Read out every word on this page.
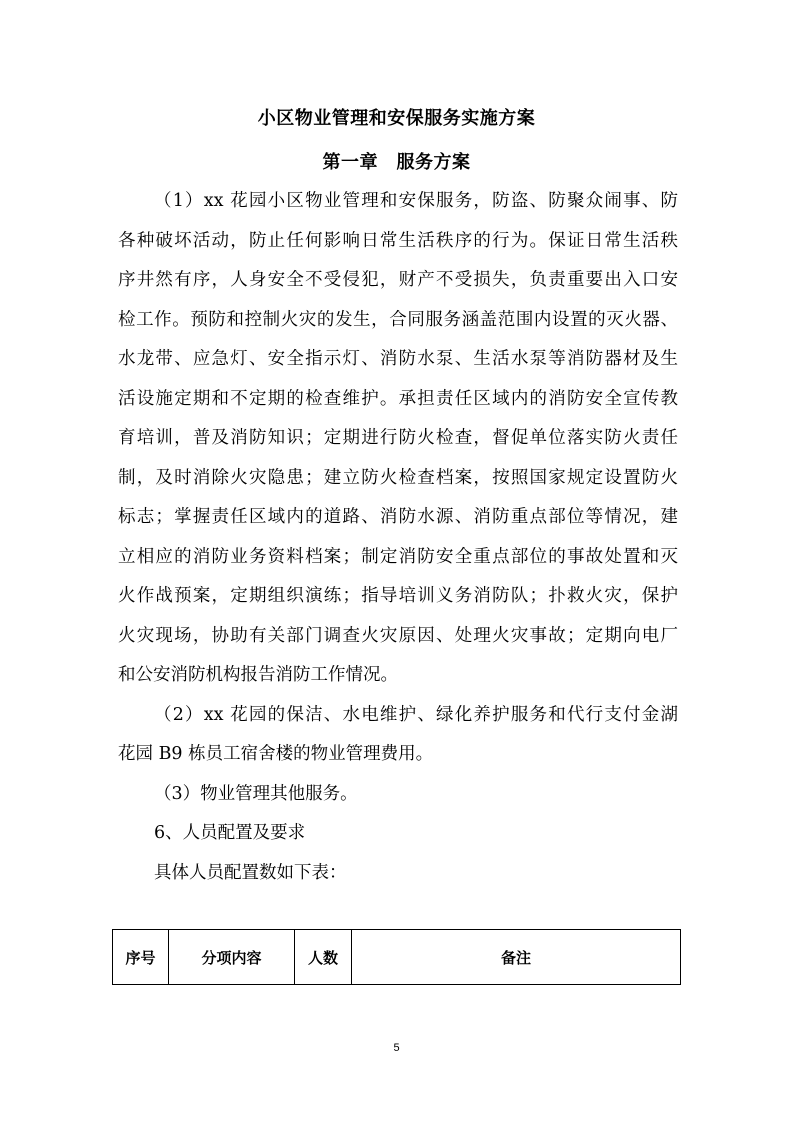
小区物业管理和安保服务实施方案
第一章　服务方案
（1）xx 花园小区物业管理和安保服务，防盗、防聚众闹事、防
各种破坏活动，防止任何影响日常生活秩序的行为。保证日常生活秩
序井然有序，人身安全不受侵犯，财产不受损失，负责重要出入口安
检工作。预防和控制火灾的发生，合同服务涵盖范围内设置的灭火器、
水龙带、应急灯、安全指示灯、消防水泵、生活水泵等消防器材及生
活设施定期和不定期的检查维护。承担责任区域内的消防安全宣传教
育培训，普及消防知识；定期进行防火检查，督促单位落实防火责任
制，及时消除火灾隐患；建立防火检查档案，按照国家规定设置防火
标志；掌握责任区域内的道路、消防水源、消防重点部位等情况，建
立相应的消防业务资料档案；制定消防安全重点部位的事故处置和灭
火作战预案，定期组织演练；指导培训义务消防队；扑救火灾，保护
火灾现场，协助有关部门调查火灾原因、处理火灾事故；定期向电厂
和公安消防机构报告消防工作情况。
（2）xx 花园的保洁、水电维护、绿化养护服务和代行支付金湖
花园 B9 栋员工宿舍楼的物业管理费用。
（3）物业管理其他服务。
6、人员配置及要求
具体人员配置数如下表：
序号	分项内容	人数	备注
5
